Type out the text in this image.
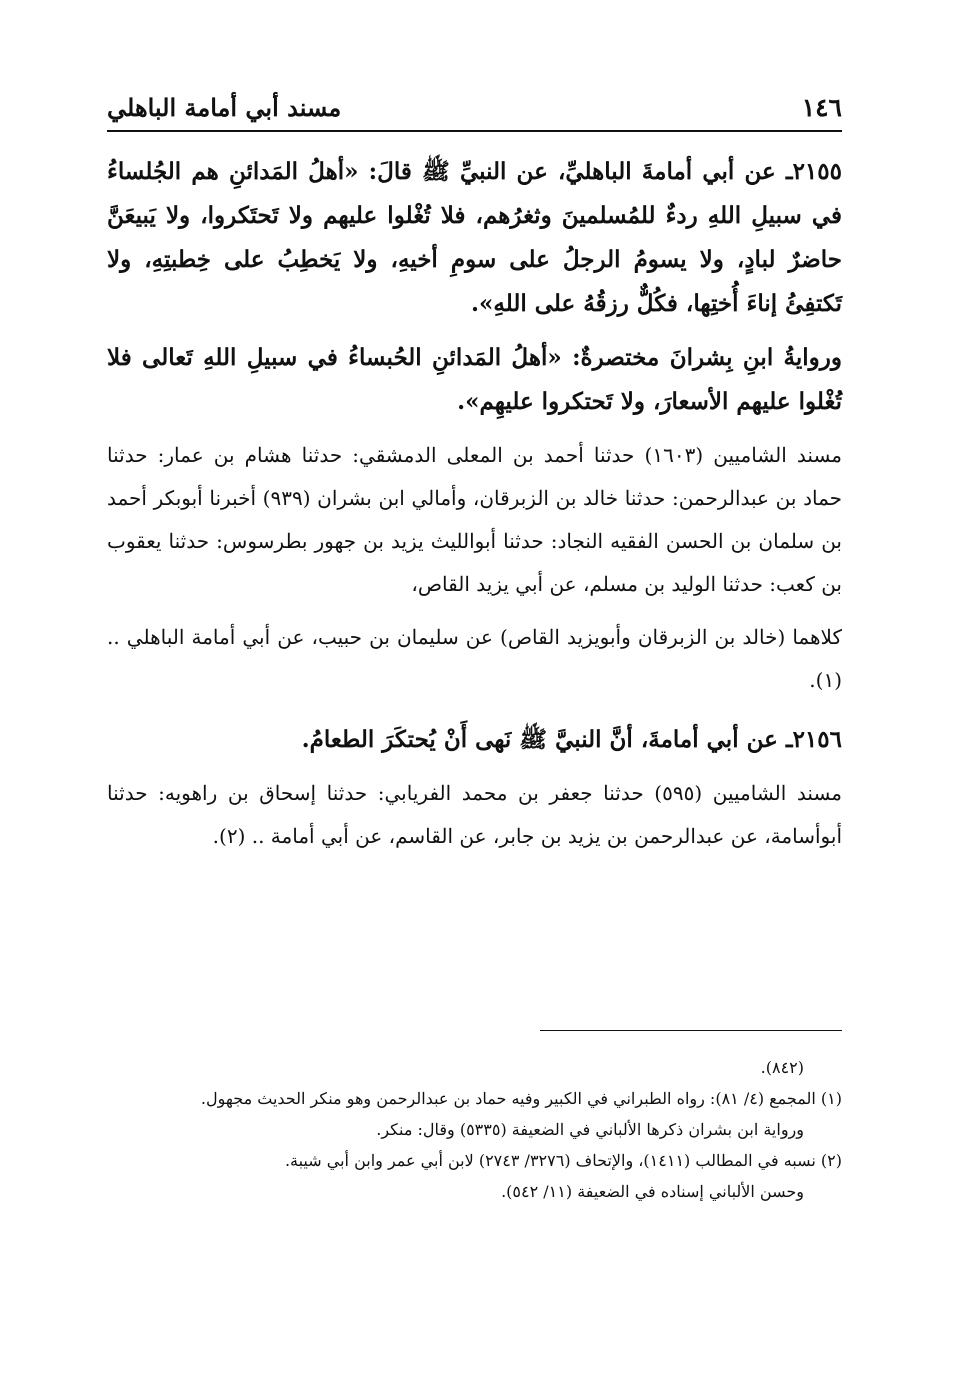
١٤٦
مسند أبي أمامة الباهلي

٢١٥٥ـ عن أبي أمامةَ الباهليِّ، عن النبيِّ ﷺ قالَ: «أهلُ المَدائنِ هم الجُلساءُ في سبيلِ اللهِ ردءٌ للمُسلمينَ وثغرُهم، فلا تُغْلوا عليهم ولا تَحتَكروا، ولا يَبيعَنَّ حاضرٌ لبادٍ، ولا يسومُ الرجلُ على سومِ أخيهِ، ولا يَخطِبُ على خِطبتِهِ، ولا تَكتفِئُ إناءَ أُختِها، فكُلٌّ رزقُهُ على اللهِ».

وروايةُ ابنِ بِشرانَ مختصرةٌ: «أهلُ المَدائنِ الحُبساءُ في سبيلِ اللهِ تَعالى فلا تُغْلوا عليهم الأسعارَ، ولا تَحتكروا عليهِم».

مسند الشاميين (١٦٠٣) حدثنا أحمد بن المعلى الدمشقي: حدثنا هشام بن عمار: حدثنا حماد بن عبدالرحمن: حدثنا خالد بن الزبرقان، وأمالي ابن بشران (٩٣٩) أخبرنا أبوبكر أحمد بن سلمان بن الحسن الفقيه النجاد: حدثنا أبوالليث يزيد بن جهور بطرسوس: حدثنا يعقوب بن كعب: حدثنا الوليد بن مسلم، عن أبي يزيد القاص،

كلاهما (خالد بن الزبرقان وأبويزيد القاص) عن سليمان بن حبيب، عن أبي أمامة الباهلي .. (١).

٢١٥٦ـ عن أبي أمامةَ، أنَّ النبيَّ ﷺ نَهى أَنْ يُحتكَرَ الطعامُ.

مسند الشاميين (٥٩٥) حدثنا جعفر بن محمد الفريابي: حدثنا إسحاق بن راهويه: حدثنا أبوأسامة، عن عبدالرحمن بن يزيد بن جابر، عن القاسم، عن أبي أمامة .. (٢).

(٨٤٢).

(١) المجمع (٤/ ٨١): رواه الطبراني في الكبير وفيه حماد بن عبدالرحمن وهو منكر الحديث مجهول.

ورواية ابن بشران ذكرها الألباني في الضعيفة (٥٣٣٥) وقال: منكر.

(٢) نسبه في المطالب (١٤١١)، والإتحاف (٣٢٧٦/ ٢٧٤٣) لابن أبي عمر وابن أبي شيبة.

وحسن الألباني إسناده في الضعيفة (١١/ ٥٤٢).
